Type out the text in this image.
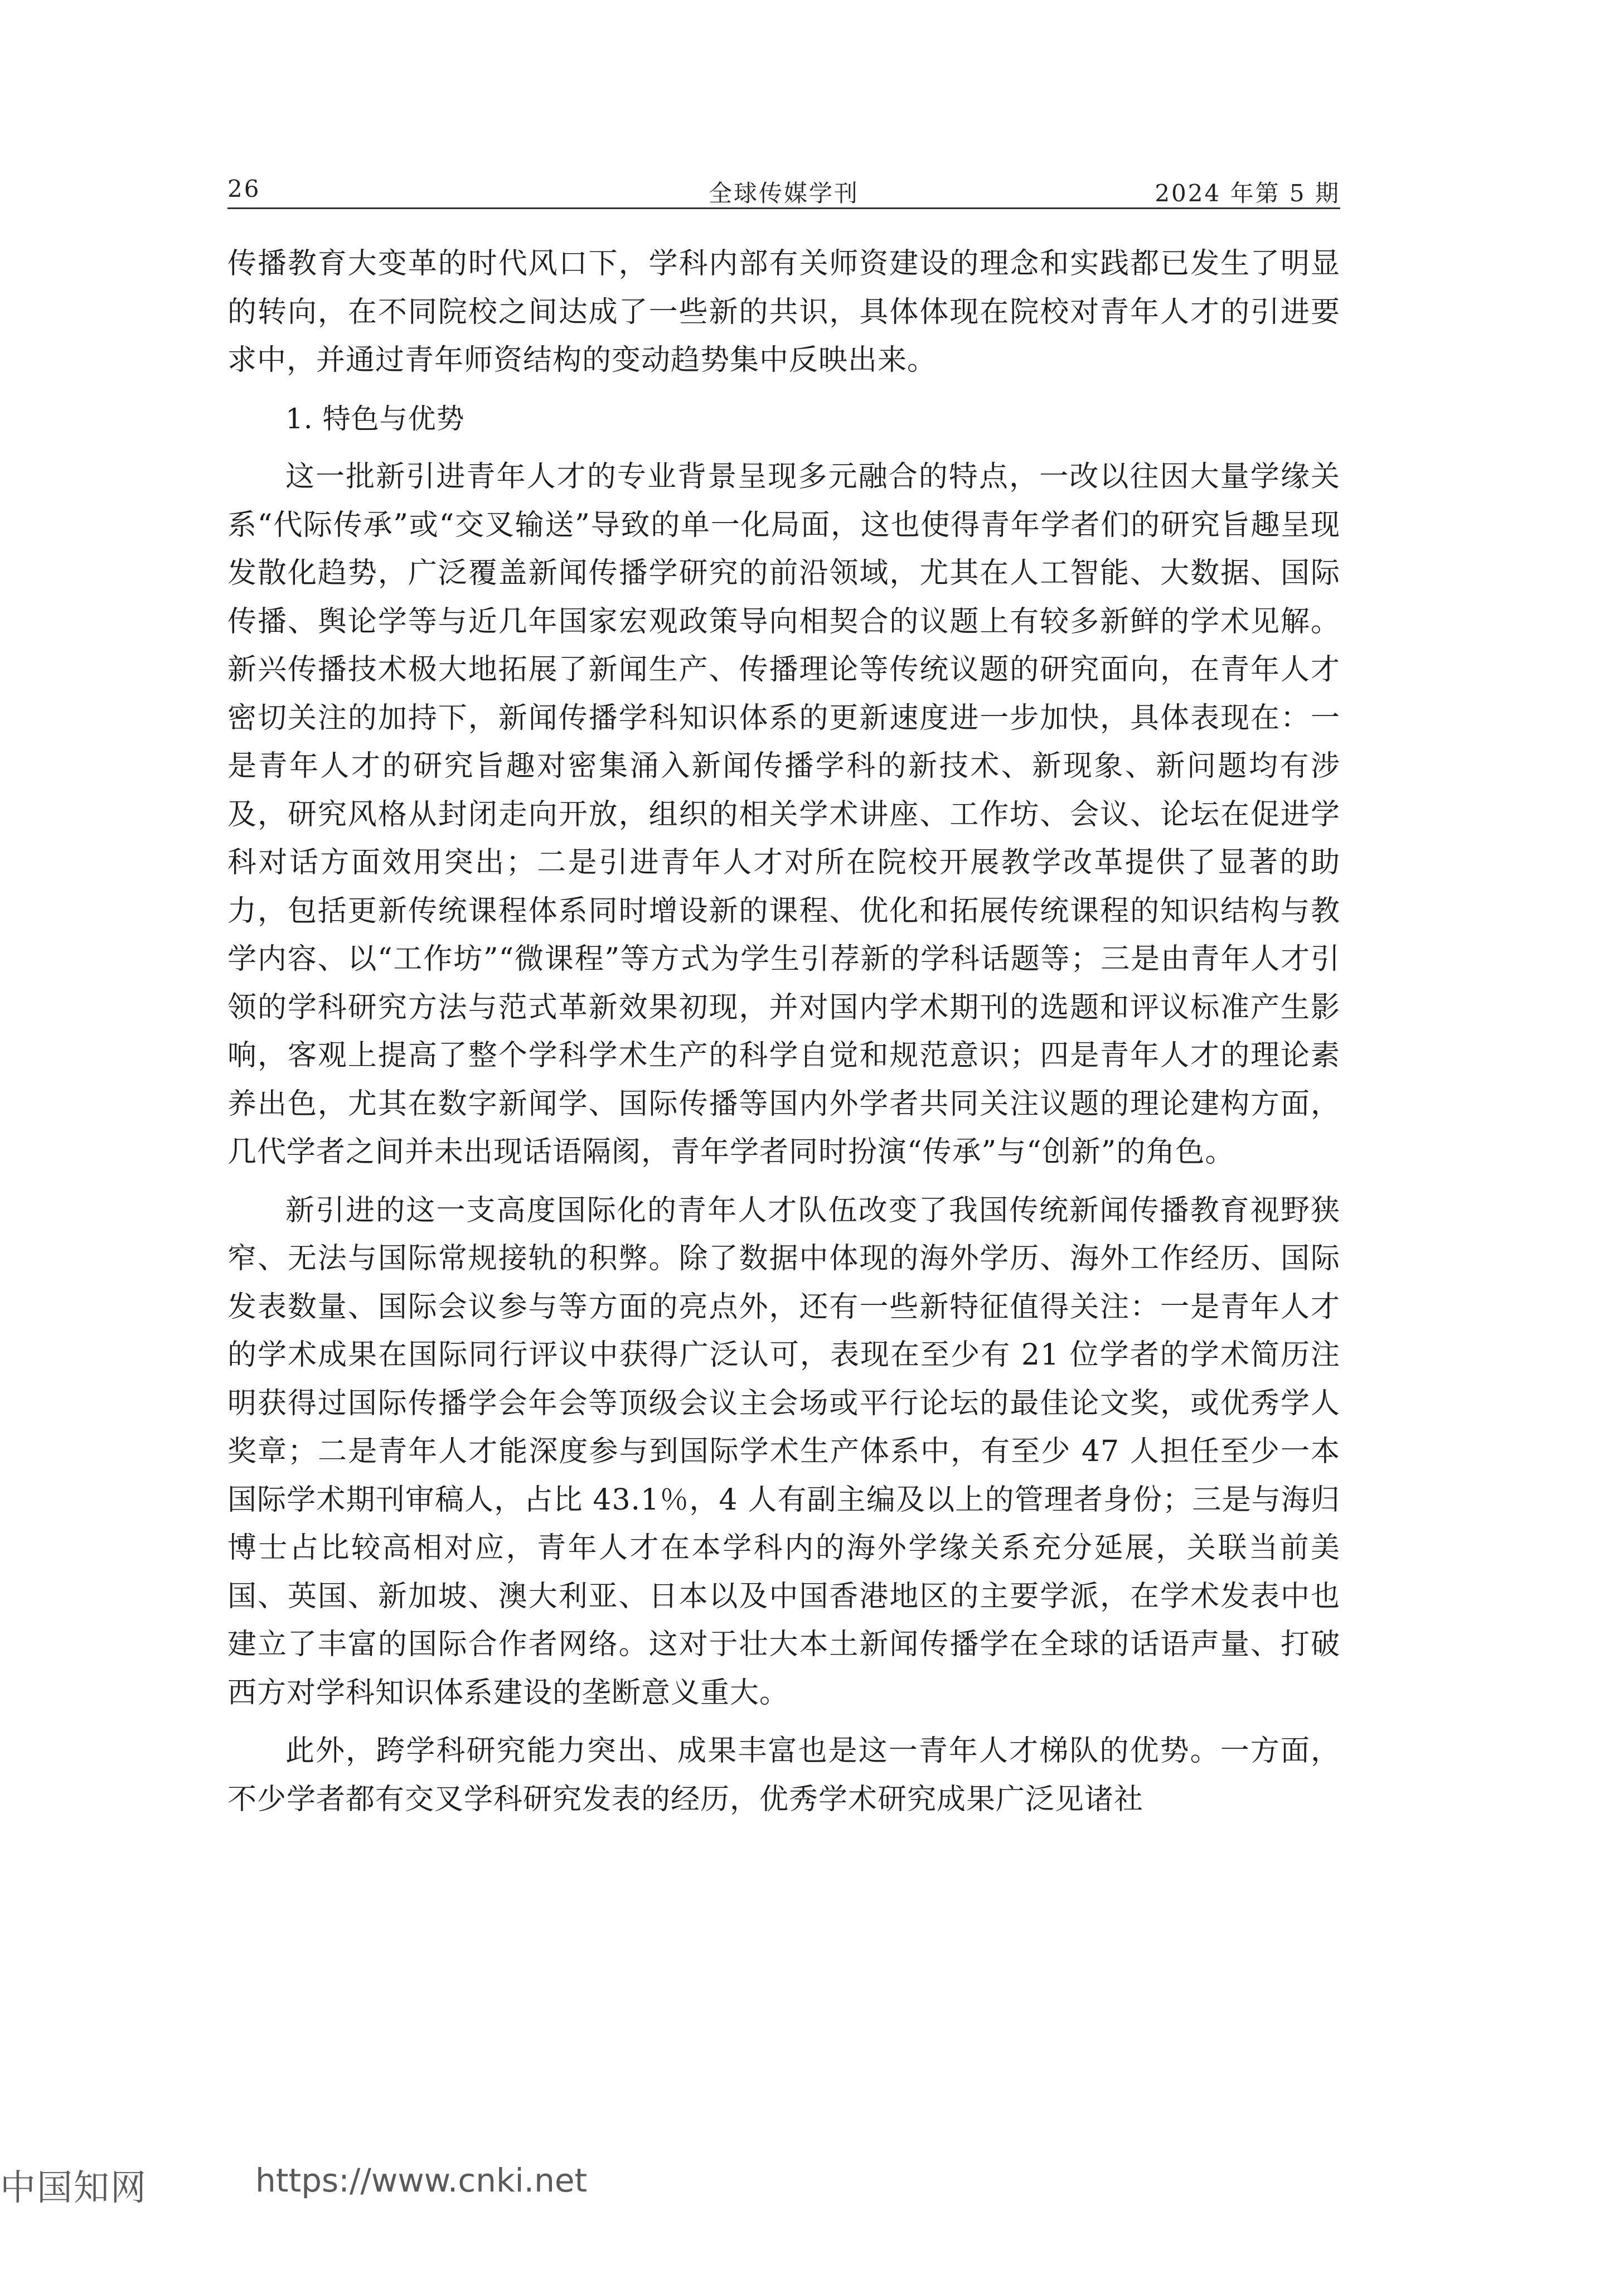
26	全球传媒学刊	2024 年第 5 期

传播教育大变革的时代风口下，学科内部有关师资建设的理念和实践都已发生了明显的转向，在不同院校之间达成了一些新的共识，具体体现在院校对青年人才的引进要求中，并通过青年师资结构的变动趋势集中反映出来。

1. 特色与优势

这一批新引进青年人才的专业背景呈现多元融合的特点，一改以往因大量学缘关系“代际传承”或“交叉输送”导致的单一化局面，这也使得青年学者们的研究旨趣呈现发散化趋势，广泛覆盖新闻传播学研究的前沿领域，尤其在人工智能、大数据、国际传播、舆论学等与近几年国家宏观政策导向相契合的议题上有较多新鲜的学术见解。新兴传播技术极大地拓展了新闻生产、传播理论等传统议题的研究面向，在青年人才密切关注的加持下，新闻传播学科知识体系的更新速度进一步加快，具体表现在：一是青年人才的研究旨趣对密集涌入新闻传播学科的新技术、新现象、新问题均有涉及，研究风格从封闭走向开放，组织的相关学术讲座、工作坊、会议、论坛在促进学科对话方面效用突出；二是引进青年人才对所在院校开展教学改革提供了显著的助力，包括更新传统课程体系同时增设新的课程、优化和拓展传统课程的知识结构与教学内容、以“工作坊”“微课程”等方式为学生引荐新的学科话题等；三是由青年人才引领的学科研究方法与范式革新效果初现，并对国内学术期刊的选题和评议标准产生影响，客观上提高了整个学科学术生产的科学自觉和规范意识；四是青年人才的理论素养出色，尤其在数字新闻学、国际传播等国内外学者共同关注议题的理论建构方面，几代学者之间并未出现话语隔阂，青年学者同时扮演“传承”与“创新”的角色。

新引进的这一支高度国际化的青年人才队伍改变了我国传统新闻传播教育视野狭窄、无法与国际常规接轨的积弊。除了数据中体现的海外学历、海外工作经历、国际发表数量、国际会议参与等方面的亮点外，还有一些新特征值得关注：一是青年人才的学术成果在国际同行评议中获得广泛认可，表现在至少有 21 位学者的学术简历注明获得过国际传播学会年会等顶级会议主会场或平行论坛的最佳论文奖，或优秀学人奖章；二是青年人才能深度参与到国际学术生产体系中，有至少 47 人担任至少一本国际学术期刊审稿人，占比 43.1％，4 人有副主编及以上的管理者身份；三是与海归博士占比较高相对应，青年人才在本学科内的海外学缘关系充分延展，关联当前美国、英国、新加坡、澳大利亚、日本以及中国香港地区的主要学派，在学术发表中也建立了丰富的国际合作者网络。这对于壮大本土新闻传播学在全球的话语声量、打破西方对学科知识体系建设的垄断意义重大。

此外，跨学科研究能力突出、成果丰富也是这一青年人才梯队的优势。一方面，不少学者都有交叉学科研究发表的经历，优秀学术研究成果广泛见诸社

中国知网	https://www.cnki.net
